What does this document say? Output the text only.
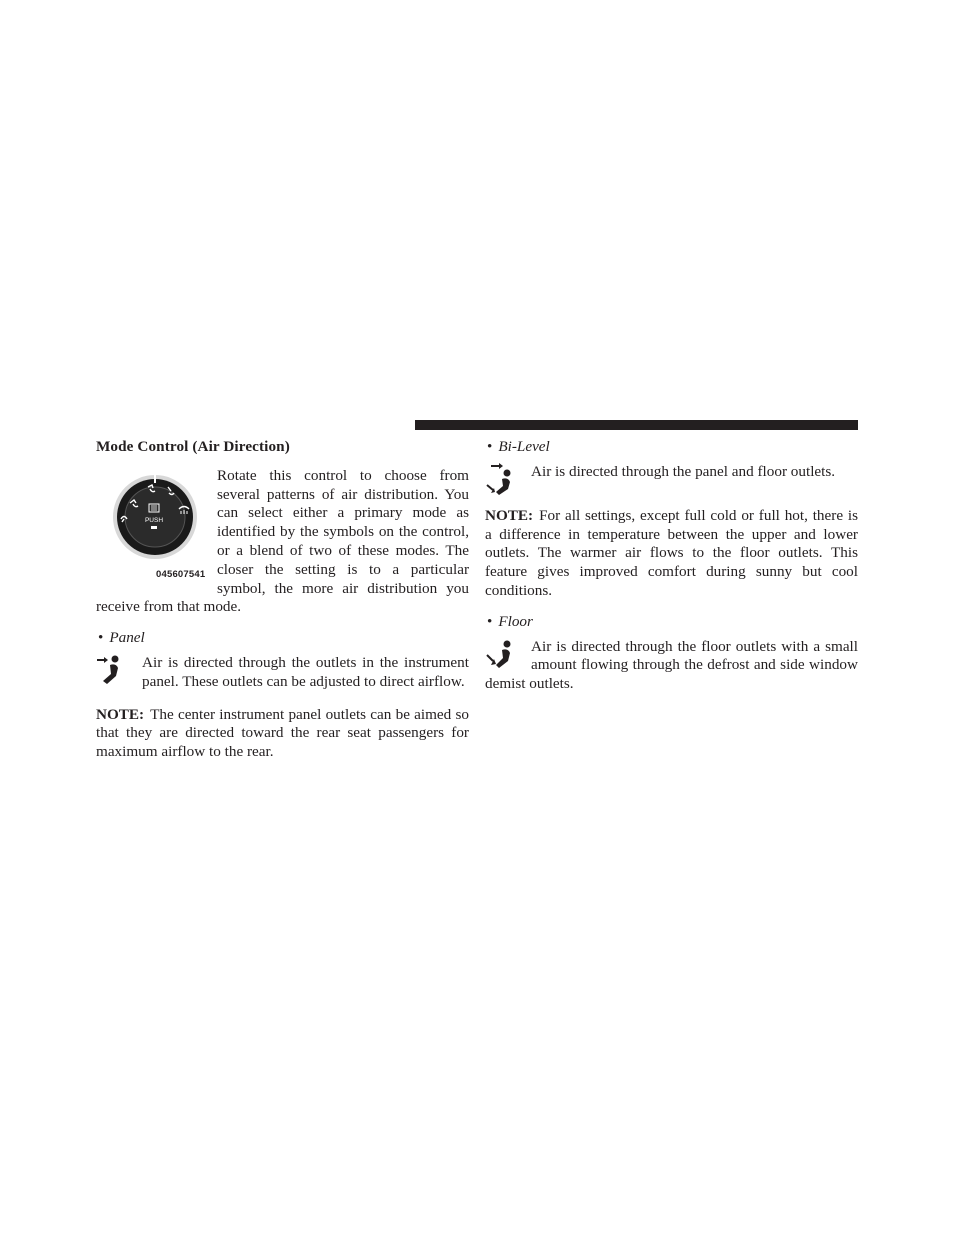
Mode Control (Air Direction)
PUSH
045607541

Rotate this control to choose from several patterns of air distribution. You can select either a primary mode as identified by the symbols on the control, or a blend of two of these modes. The closer the setting is to a particular symbol, the more air distribution you receive from that mode.

• Panel

Air is directed through the outlets in the instrument panel. These outlets can be adjusted to direct airflow.

NOTE: The center instrument panel outlets can be aimed so that they are directed toward the rear seat passengers for maximum airflow to the rear.

• Bi-Level

Air is directed through the panel and floor outlets.

NOTE: For all settings, except full cold or full hot, there is a difference in temperature between the upper and lower outlets. The warmer air flows to the floor outlets. This feature gives improved comfort during sunny but cool conditions.

• Floor

Air is directed through the floor outlets with a small amount flowing through the defrost and side window demist outlets.
